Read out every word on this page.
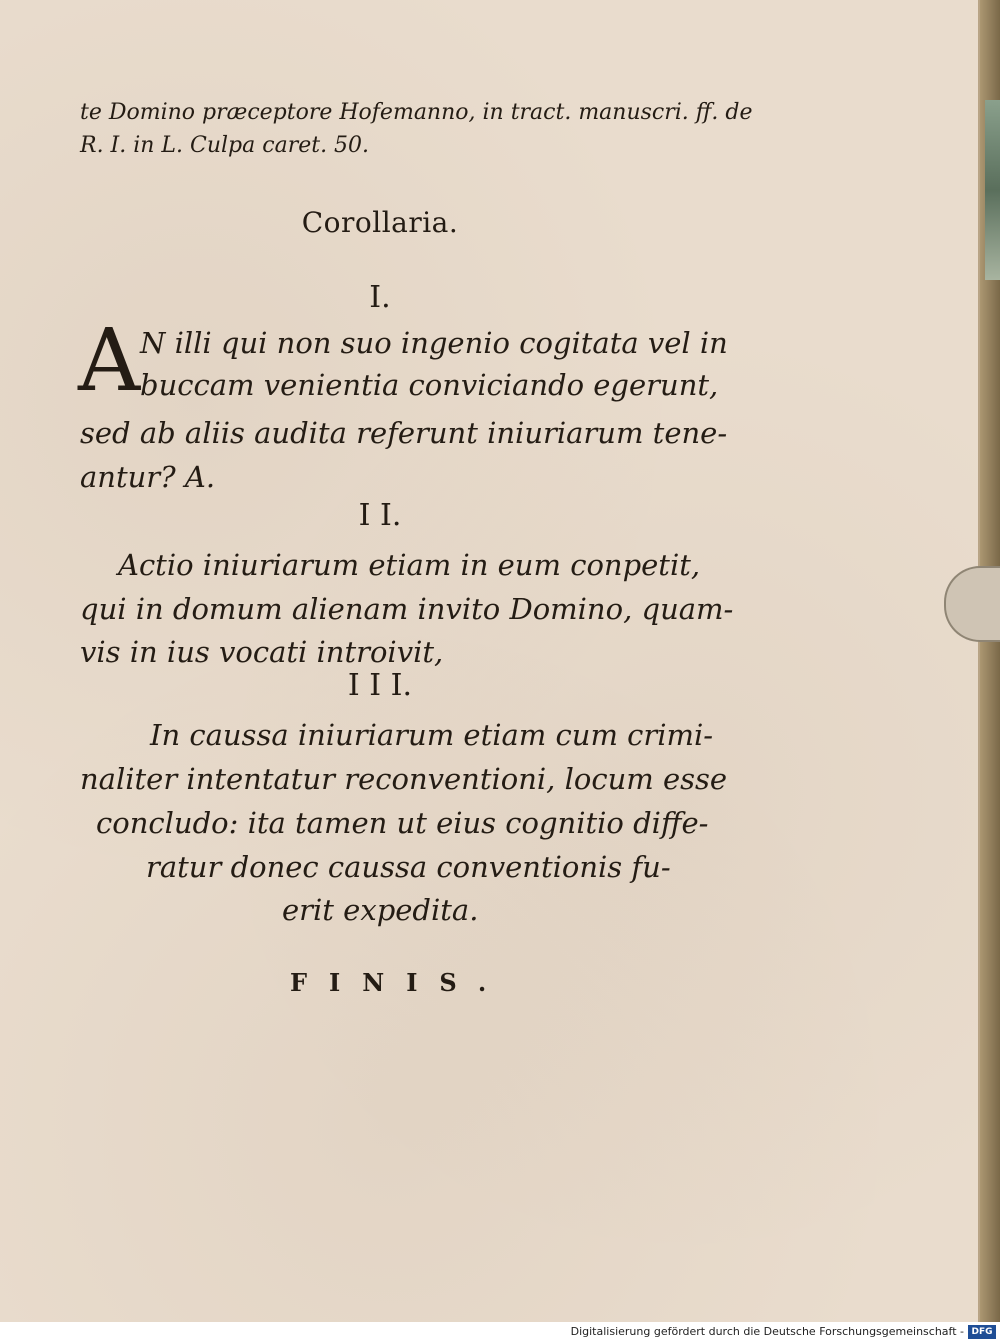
te Domino præceptore Hofemanno, in tract. manuscri. ff. de
R. I. in L. Culpa caret. 50.
Corollaria.
I.
A N illi qui non suo ingenio cogitata vel in
buccam venientia conviciando egerunt,
sed ab aliis audita referunt iniuriarum tene-
antur? A.
I I.
Actio iniuriarum etiam in eum conpetit,
qui in domum alienam invito Domino, quam-
vis in ius vocati introivit,
I I I.
In caussa iniuriarum etiam cum crimi-
naliter intentatur reconventioni, locum esse
concludo: ita tamen ut eius cognitio diffe-
ratur donec caussa conventionis fu-
erit expedita.
FINIS.
Digitalisierung gefördert durch die Deutsche Forschungsgemeinschaft - DFG
